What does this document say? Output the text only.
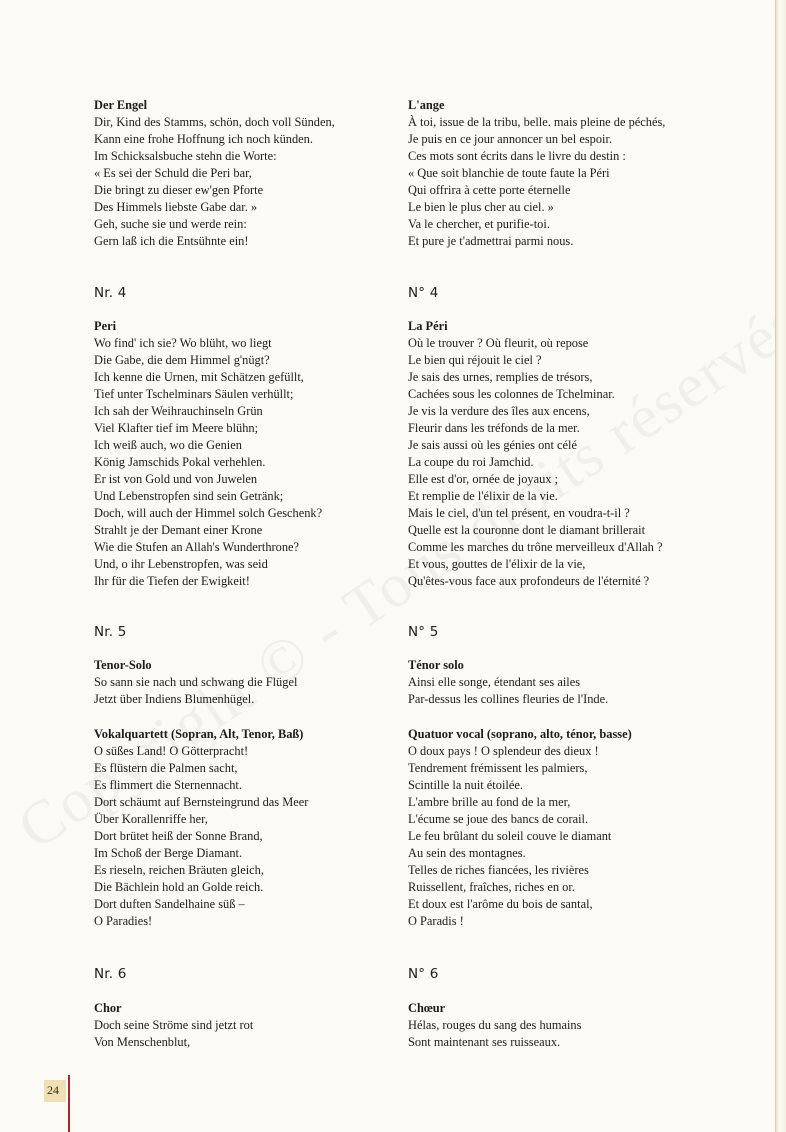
Der Engel

Dir, Kind des Stamms, schön, doch voll Sünden,

Kann eine frohe Hoffnung ich noch künden.

Im Schicksalsbuche stehn die Worte:

« Es sei der Schuld die Peri bar,

Die bringt zu dieser ew'gen Pforte

Des Himmels liebste Gabe dar. »

Geh, suche sie und werde rein:

Gern laß ich die Entsühnte ein!

Nr. 4

Peri

Wo find' ich sie? Wo blüht, wo liegt

Die Gabe, die dem Himmel g'nügt?

Ich kenne die Urnen, mit Schätzen gefüllt,

Tief unter Tschelminars Säulen verhüllt;

Ich sah der Weihrauchinseln Grün

Viel Klafter tief im Meere blühn;

Ich weiß auch, wo die Genien

König Jamschids Pokal verhehlen.

Er ist von Gold und von Juwelen

Und Lebenstropfen sind sein Getränk;

Doch, will auch der Himmel solch Geschenk?

Strahlt je der Demant einer Krone

Wie die Stufen an Allah's Wunderthrone?

Und, o ihr Lebenstropfen, was seid

Ihr für die Tiefen der Ewigkeit!

Nr. 5

Tenor-Solo

So sann sie nach und schwang die Flügel

Jetzt über Indiens Blumenhügel.

Vokalquartett (Sopran, Alt, Tenor, Baß)

O süßes Land! O Götterpracht!

Es flüstern die Palmen sacht,

Es flimmert die Sternennacht.

Dort schäumt auf Bernsteingrund das Meer

Über Korallenriffe her,

Dort brütet heiß der Sonne Brand,

Im Schoß der Berge Diamant.

Es rieseln, reichen Bräuten gleich,

Die Bächlein hold an Golde reich.

Dort duften Sandelhaine süß –

O Paradies!

Nr. 6

Chor

Doch seine Ströme sind jetzt rot

Von Menschenblut,

L'ange

À toi, issue de la tribu, belle. mais pleine de péchés,

Je puis en ce jour annoncer un bel espoir.

Ces mots sont écrits dans le livre du destin :

« Que soit blanchie de toute faute la Péri

Qui offrira à cette porte éternelle

Le bien le plus cher au ciel. »

Va le chercher, et purifie-toi.

Et pure je t'admettrai parmi nous.

N° 4

La Péri

Où le trouver ? Où fleurit, où repose

Le bien qui réjouit le ciel ?

Je sais des urnes, remplies de trésors,

Cachées sous les colonnes de Tchelminar.

Je vis la verdure des îles aux encens,

Fleurir dans les tréfonds de la mer.

Je sais aussi où les génies ont célé

La coupe du roi Jamchid.

Elle est d'or, ornée de joyaux ;

Et remplie de l'élixir de la vie.

Mais le ciel, d'un tel présent, en voudra-t-il ?

Quelle est la couronne dont le diamant brillerait

Comme les marches du trône merveilleux d'Allah ?

Et vous, gouttes de l'élixir de la vie,

Qu'êtes-vous face aux profondeurs de l'éternité ?

N° 5

Ténor solo

Ainsi elle songe, étendant ses ailes

Par-dessus les collines fleuries de l'Inde.

Quatuor vocal (soprano, alto, ténor, basse)

O doux pays ! O splendeur des dieux !

Tendrement frémissent les palmiers,

Scintille la nuit étoilée.

L'ambre brille au fond de la mer,

L'écume se joue des bancs de corail.

Le feu brûlant du soleil couve le diamant

Au sein des montagnes.

Telles de riches fiancées, les rivières

Ruissellent, fraîches, riches en or.

Et doux est l'arôme du bois de santal,

O Paradis !

N° 6

Chœur

Hélas, rouges du sang des humains

Sont maintenant ses ruisseaux.

24
